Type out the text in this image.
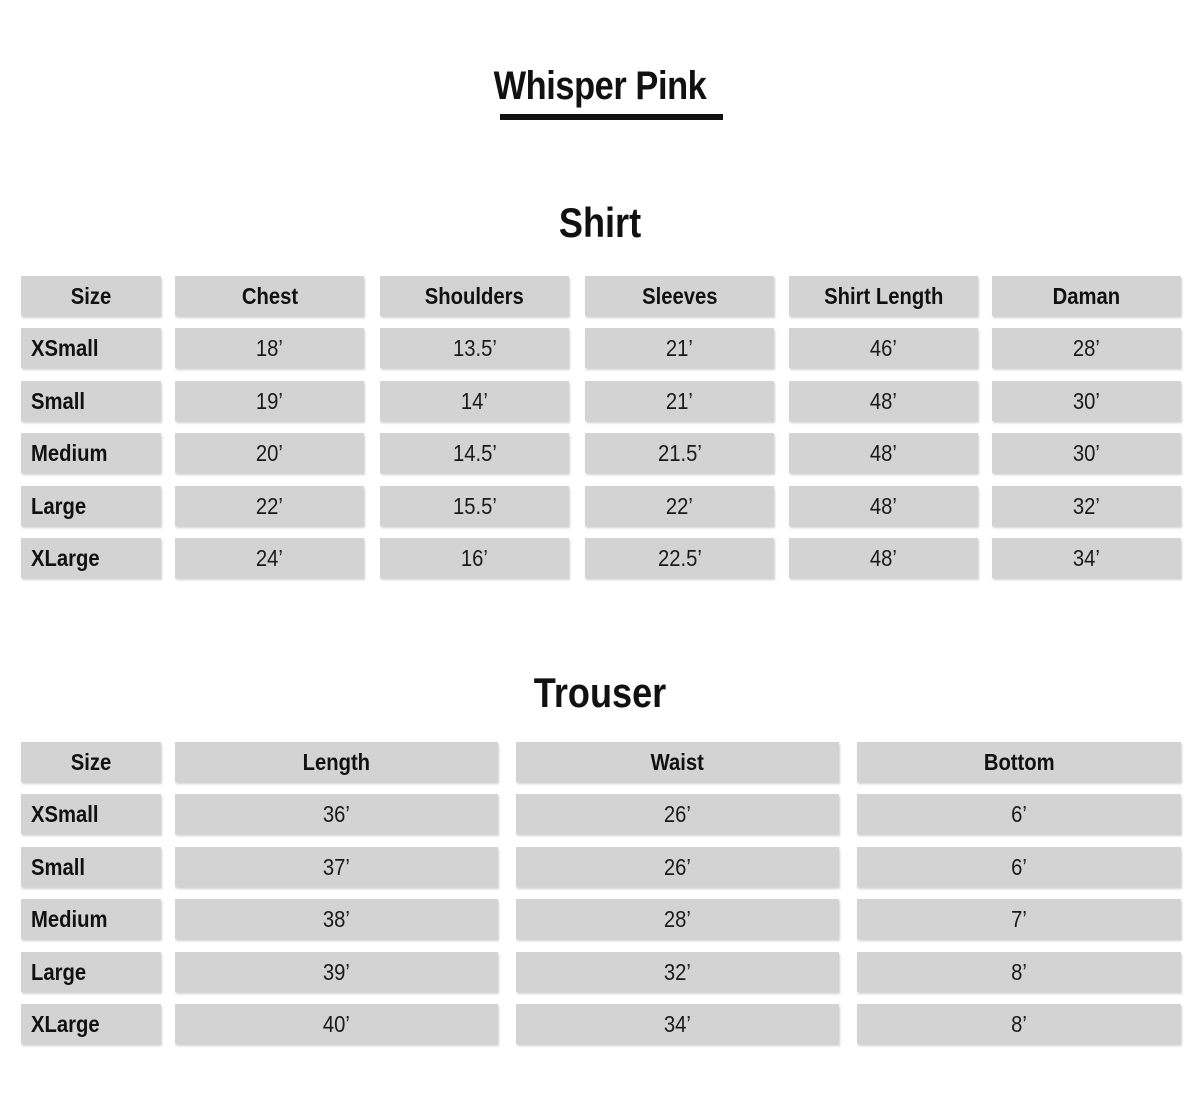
Whisper Pink
Shirt
Size	Chest	Shoulders	Sleeves	Shirt Length	Daman
XSmall	18’	13.5’	21’	46’	28’
Small	19’	14’	21’	48’	30’
Medium	20’	14.5’	21.5’	48’	30’
Large	22’	15.5’	22’	48’	32’
XLarge	24’	16’	22.5’	48’	34’
Trouser
Size	Length	Waist	Bottom
XSmall	36’	26’	6’
Small	37’	26’	6’
Medium	38’	28’	7’
Large	39’	32’	8’
XLarge	40’	34’	8’
